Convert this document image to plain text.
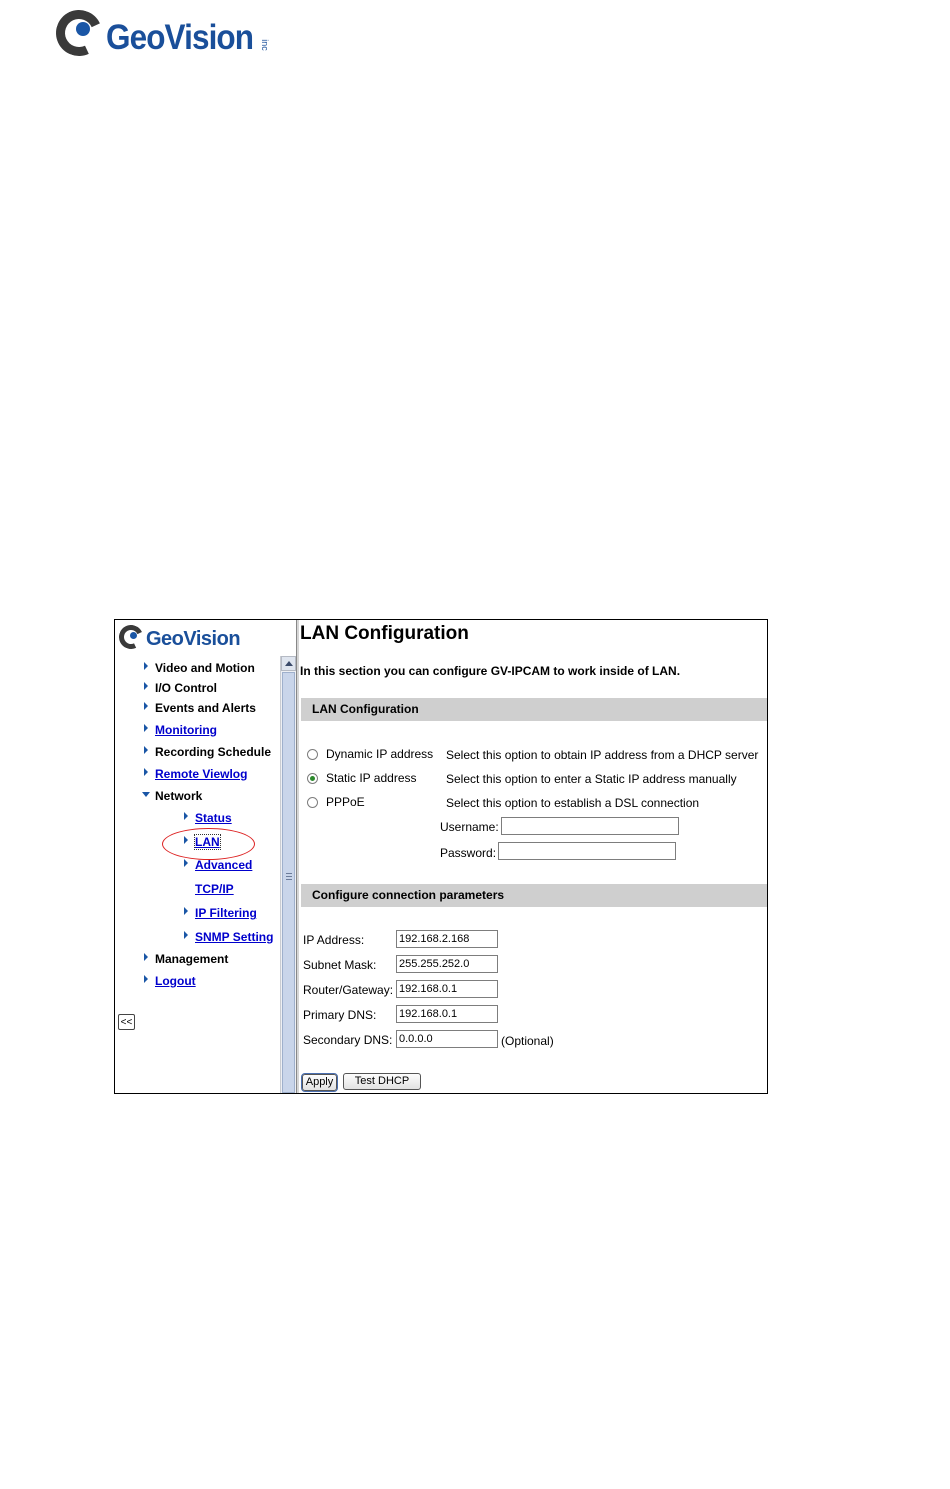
GeoVision inc
GeoVision
Video and Motion
I/O Control
Events and Alerts
Monitoring
Recording Schedule
Remote Viewlog
Network
Status
LAN
Advanced
TCP/IP
IP Filtering
SNMP Setting
Management
Logout
<<
LAN Configuration
In this section you can configure GV-IPCAM to work inside of LAN.
LAN Configuration
Dynamic IP address Select this option to obtain IP address from a DHCP server
Static IP address Select this option to enter a Static IP address manually
PPPoE	Select this option to establish a DSL connection
Username:
Password:
Configure connection parameters
IP Address:	192.168.2.168
Subnet Mask: 255.255.252.0
Router/Gateway: 192.168.0.1
Primary DNS: 192.168.0.1
Secondary DNS: 0.0.0.0	(Optional)
Apply	Test DHCP
